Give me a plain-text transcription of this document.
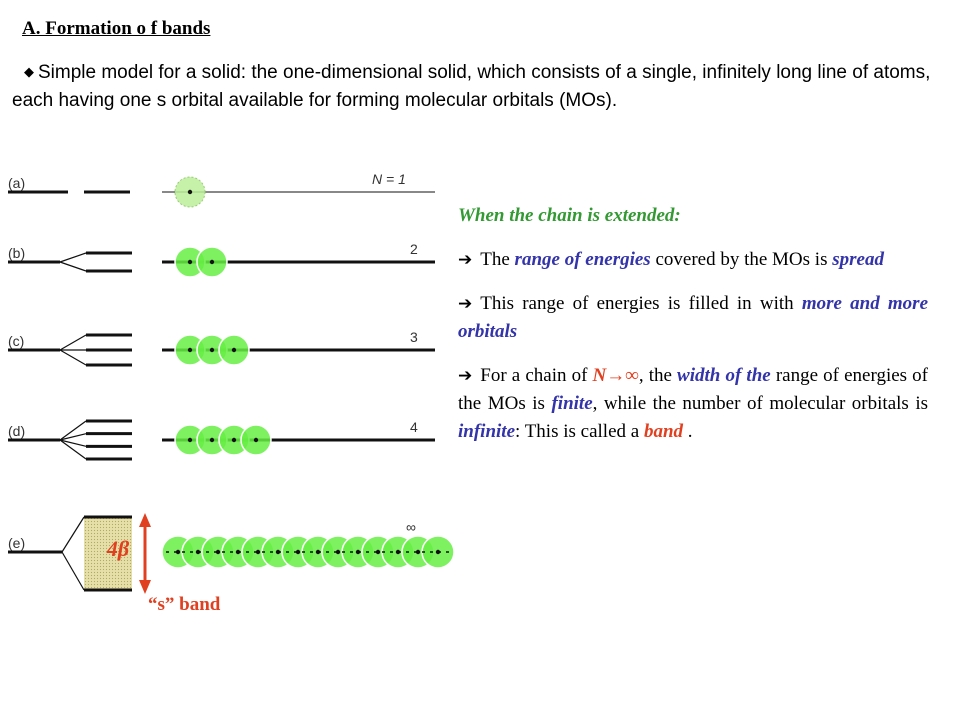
A. Formation o f bands
◆ Simple model for a solid: the one-dimensional solid, which consists of a single, infinitely long line of atoms, each having one s orbital available for forming molecular orbitals (MOs).
(a)	N = 1
(b)	2
(c)	3
(d)	4
(e)
∞
4β
“s” band

When the chain is extended:

➔ The range of energies covered by the MOs is spread

➔ This range of energies is filled in with more and more orbitals

➔ For a chain of N→∞, the width of the range of energies of the MOs is finite, while the number of molecular orbitals is infinite: This is called a band .
